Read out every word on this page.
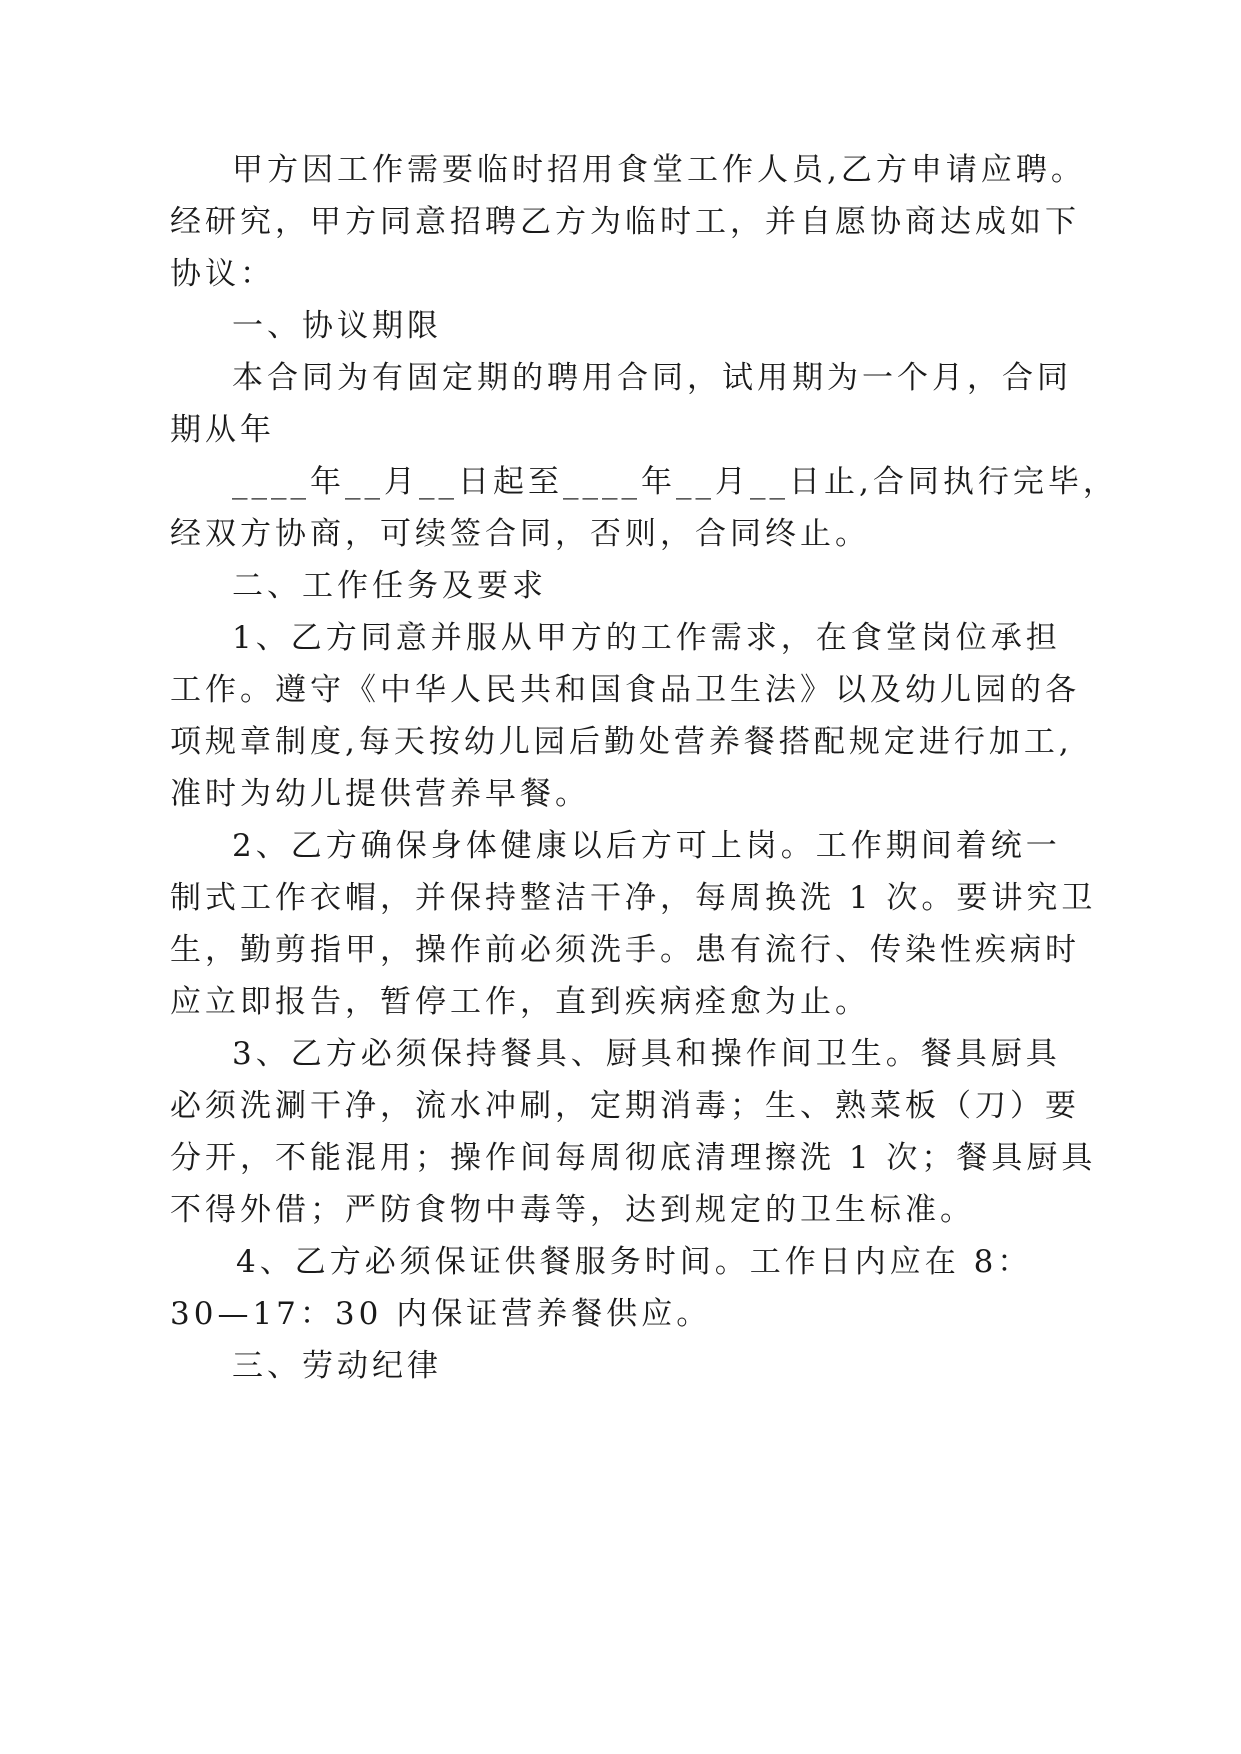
甲方因工作需要临时招用食堂工作人员,乙方申请应聘。

经研究，甲方同意招聘乙方为临时工，并自愿协商达成如下

协议：

一、协议期限

本合同为有固定期的聘用合同，试用期为一个月，合同

期从年

____年__月__日起至____年__月__日止,合同执行完毕，

经双方协商，可续签合同，否则，合同终止。

二、工作任务及要求

1、乙方同意并服从甲方的工作需求，在食堂岗位承担

工作。遵守《中华人民共和国食品卫生法》以及幼儿园的各

项规章制度,每天按幼儿园后勤处营养餐搭配规定进行加工,

准时为幼儿提供营养早餐。

2、乙方确保身体健康以后方可上岗。工作期间着统一

制式工作衣帽，并保持整洁干净，每周换洗 1 次。要讲究卫

生，勤剪指甲，操作前必须洗手。患有流行、传染性疾病时

应立即报告，暂停工作，直到疾病痊愈为止。

3、乙方必须保持餐具、厨具和操作间卫生。餐具厨具

必须洗涮干净，流水冲刷，定期消毒；生、熟菜板（刀）要

分开，不能混用；操作间每周彻底清理擦洗 1 次；餐具厨具

不得外借；严防食物中毒等，达到规定的卫生标准。

4、乙方必须保证供餐服务时间。工作日内应在 8：

30—17：30 内保证营养餐供应。

三、劳动纪律
